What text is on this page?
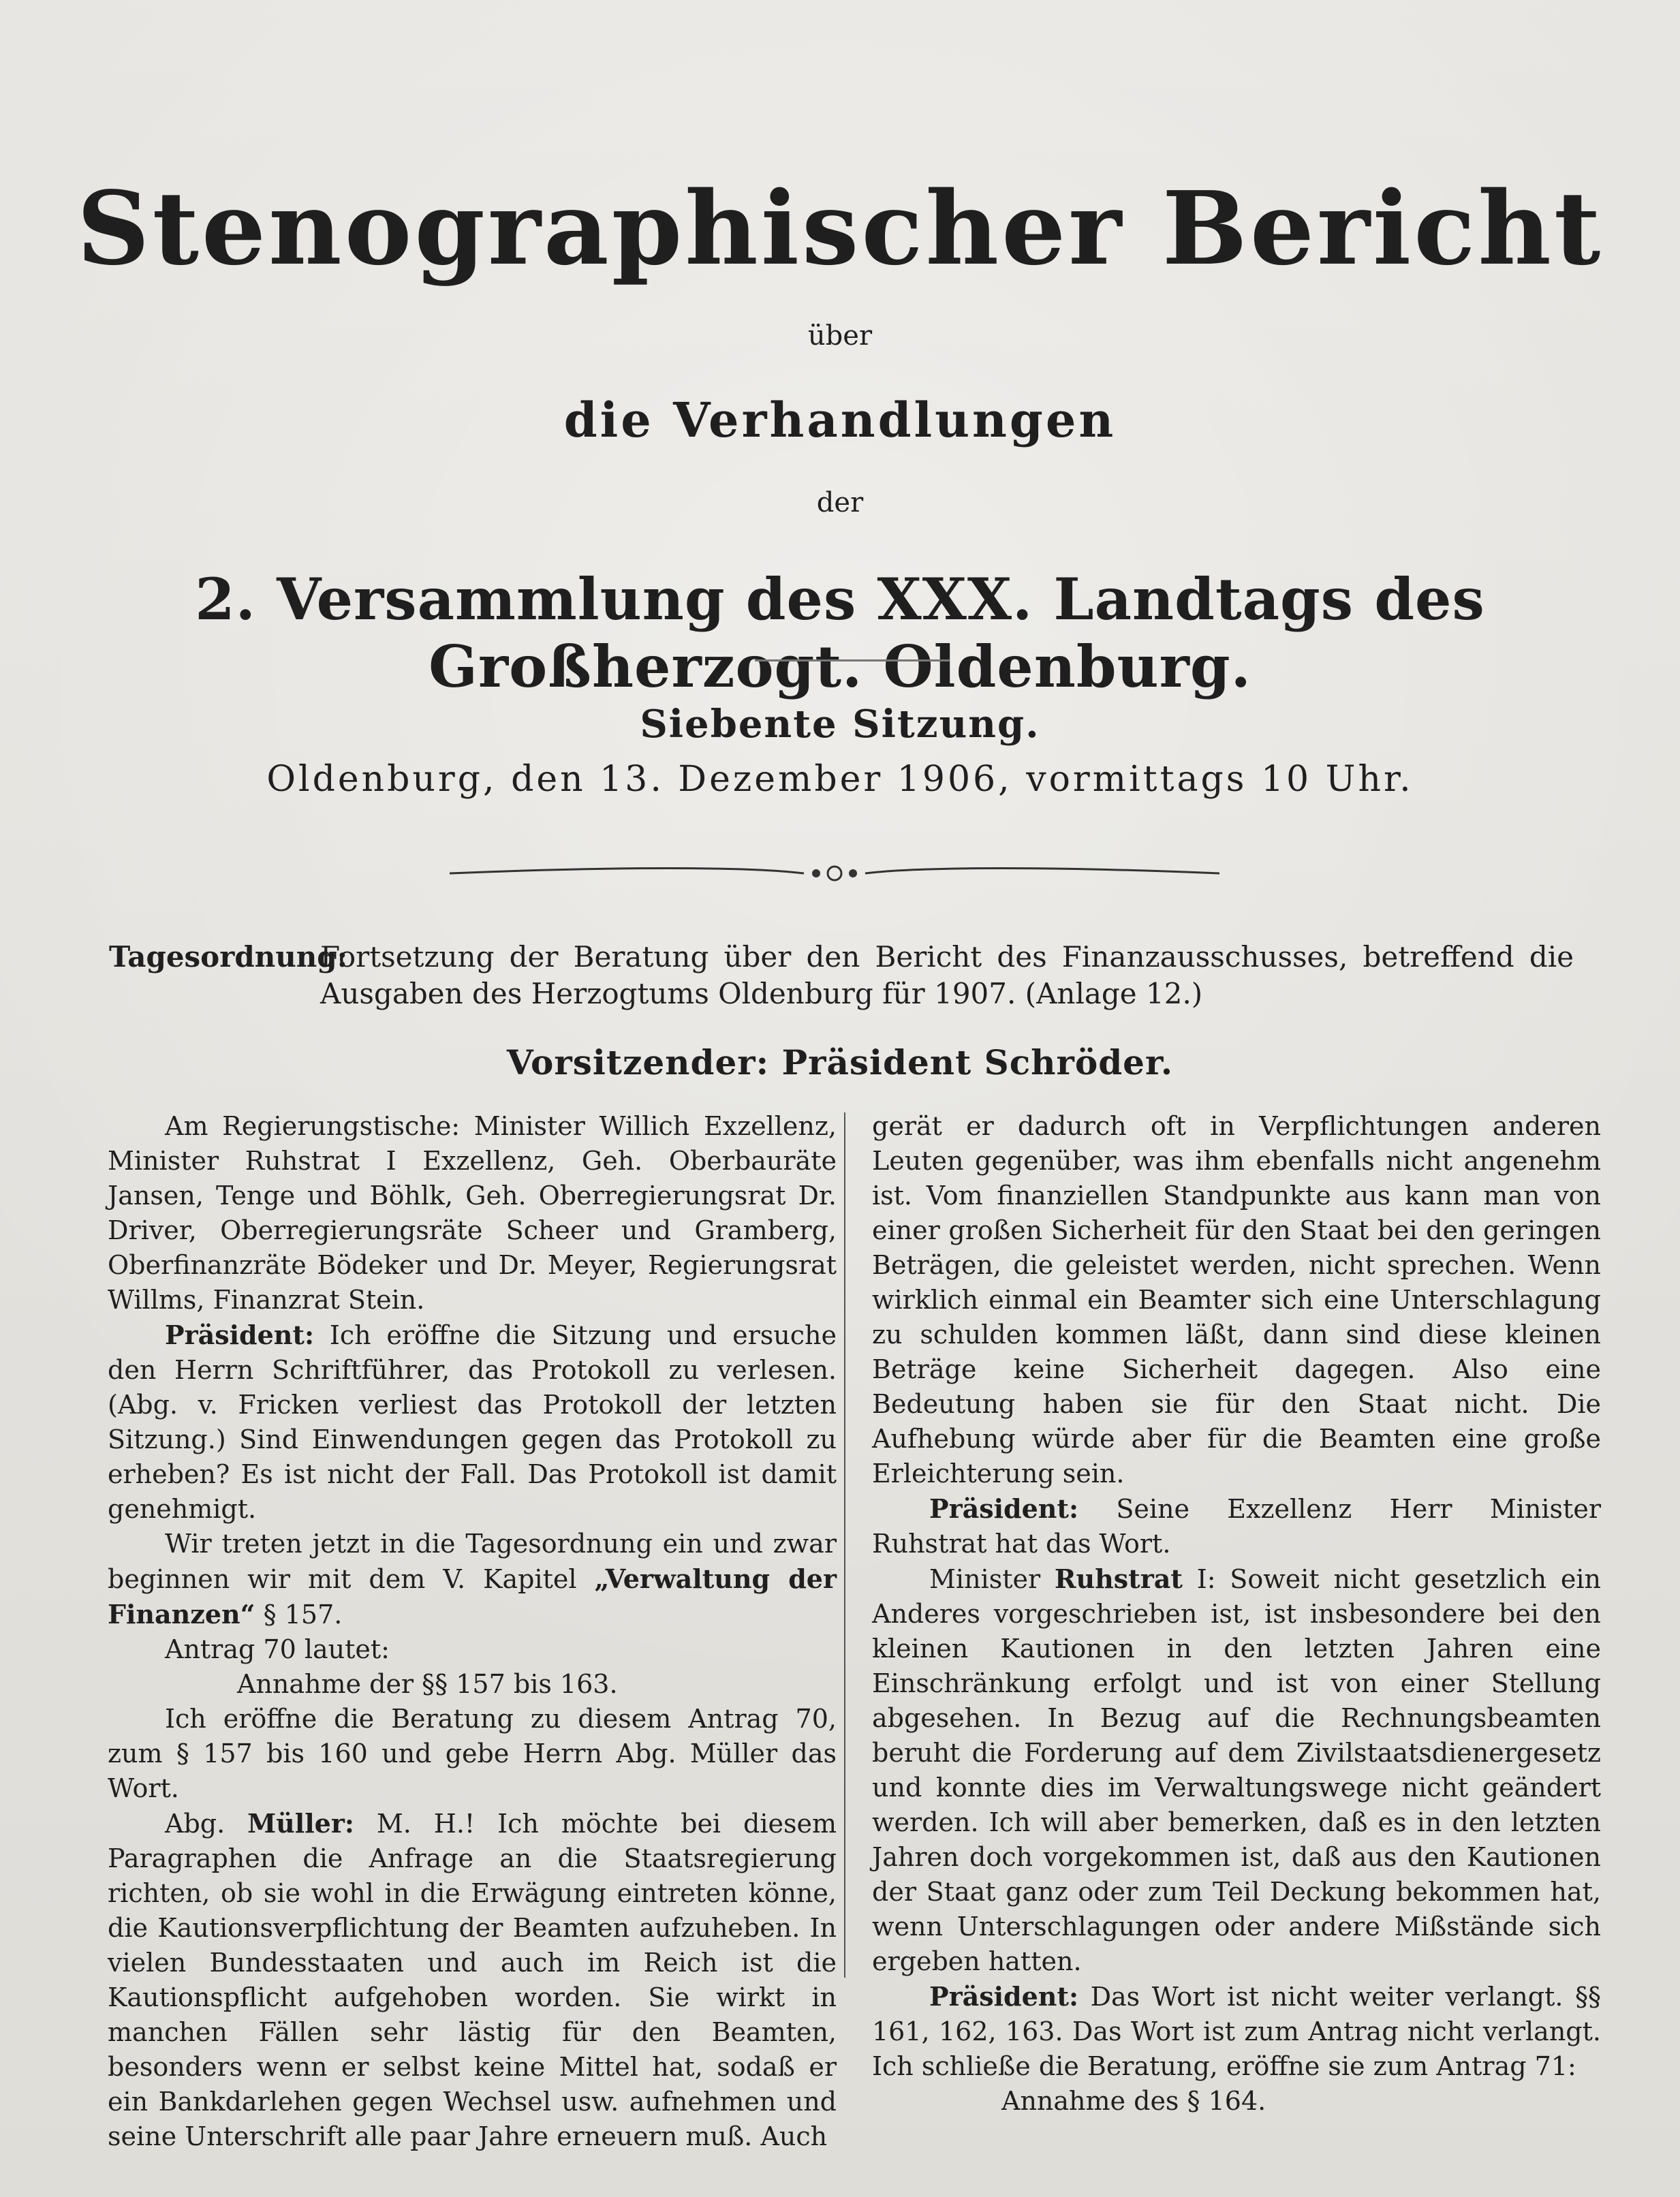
Stenographischer Bericht
über
die Verhandlungen
der
2. Versammlung des XXX. Landtags des Großherzogt. Oldenburg.
Siebente Sitzung.
Oldenburg, den 13. Dezember 1906, vormittags 10 Uhr.
Tagesordnung:
Fortsetzung der Beratung über den Bericht des Finanzausschusses, betreffend die Ausgaben des Herzogtums Oldenburg für 1907. (Anlage 12.)
Vorsitzender: Präsident Schröder.

Am Regierungstische: Minister Willich Exzellenz, Minister Ruhstrat I Exzellenz, Geh. Oberbauräte Jansen, Tenge und Böhlk, Geh. Oberregierungsrat Dr. Driver, Oberregierungsräte Scheer und Gramberg, Oberfinanzräte Bödeker und Dr. Meyer, Regierungsrat Willms, Finanzrat Stein.

Präsident: Ich eröffne die Sitzung und ersuche den Herrn Schriftführer, das Protokoll zu verlesen. (Abg. v. Fricken verliest das Protokoll der letzten Sitzung.) Sind Einwendungen gegen das Protokoll zu erheben? Es ist nicht der Fall. Das Protokoll ist damit genehmigt.

Wir treten jetzt in die Tagesordnung ein und zwar beginnen wir mit dem V. Kapitel „Verwaltung der Finanzen“ § 157.

Antrag 70 lautet:

Annahme der §§ 157 bis 163.

Ich eröffne die Beratung zu diesem Antrag 70, zum § 157 bis 160 und gebe Herrn Abg. Müller das Wort.

Abg. Müller: M. H.! Ich möchte bei diesem Paragraphen die Anfrage an die Staatsregierung richten, ob sie wohl in die Erwägung eintreten könne, die Kautionsverpflichtung der Beamten aufzuheben. In vielen Bundesstaaten und auch im Reich ist die Kautionspflicht aufgehoben worden. Sie wirkt in manchen Fällen sehr lästig für den Beamten, besonders wenn er selbst keine Mittel hat, sodaß er ein Bankdarlehen gegen Wechsel usw. aufnehmen und seine Unterschrift alle paar Jahre erneuern muß. Auch

gerät er dadurch oft in Verpflichtungen anderen Leuten gegenüber, was ihm ebenfalls nicht angenehm ist. Vom finanziellen Standpunkte aus kann man von einer großen Sicherheit für den Staat bei den geringen Beträgen, die geleistet werden, nicht sprechen. Wenn wirklich einmal ein Beamter sich eine Unterschlagung zu schulden kommen läßt, dann sind diese kleinen Beträge keine Sicherheit dagegen. Also eine Bedeutung haben sie für den Staat nicht. Die Aufhebung würde aber für die Beamten eine große Erleichterung sein.

Präsident: Seine Exzellenz Herr Minister Ruhstrat hat das Wort.

Minister Ruhstrat I: Soweit nicht gesetzlich ein Anderes vorgeschrieben ist, ist insbesondere bei den kleinen Kautionen in den letzten Jahren eine Einschränkung erfolgt und ist von einer Stellung abgesehen. In Bezug auf die Rechnungsbeamten beruht die Forderung auf dem Zivilstaatsdienergesetz und konnte dies im Verwaltungswege nicht geändert werden. Ich will aber bemerken, daß es in den letzten Jahren doch vorgekommen ist, daß aus den Kautionen der Staat ganz oder zum Teil Deckung bekommen hat, wenn Unterschlagungen oder andere Mißstände sich ergeben hatten.

Präsident: Das Wort ist nicht weiter verlangt. §§ 161, 162, 163. Das Wort ist zum Antrag nicht verlangt. Ich schließe die Beratung, eröffne sie zum Antrag 71:

Annahme des § 164.
